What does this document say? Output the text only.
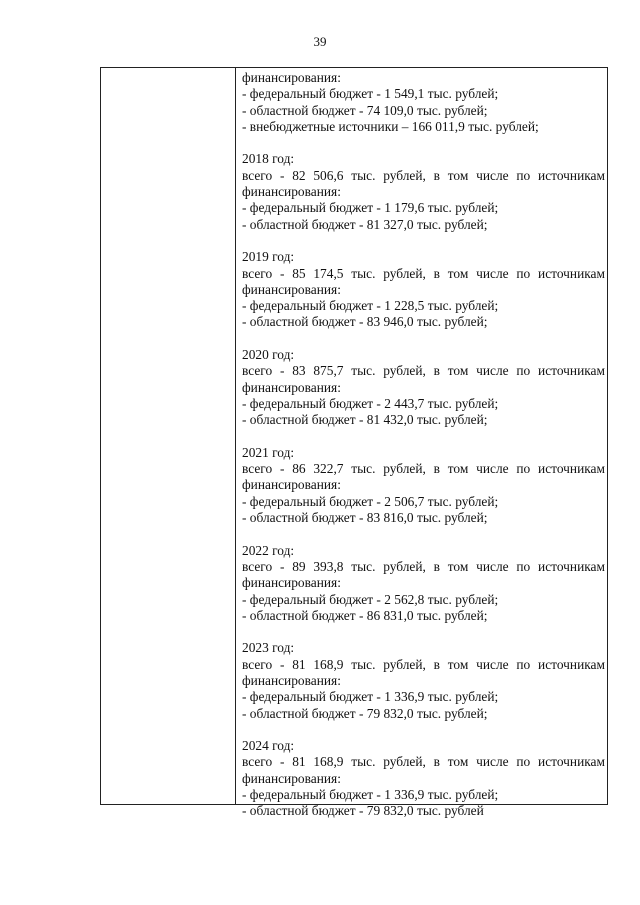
39
финансирования:
- федеральный бюджет - 1 549,1 тыс. рублей;
- областной бюджет - 74 109,0 тыс. рублей;
- внебюджетные источники – 166 011,9 тыс. рублей;
2018 год:
всего - 82 506,6 тыс. рублей, в том числе по источникам
финансирования:
- федеральный бюджет - 1 179,6 тыс. рублей;
- областной бюджет - 81 327,0 тыс. рублей;
2019 год:
всего - 85 174,5 тыс. рублей, в том числе по источникам
финансирования:
- федеральный бюджет - 1 228,5 тыс. рублей;
- областной бюджет - 83 946,0 тыс. рублей;
2020 год:
всего - 83 875,7 тыс. рублей, в том числе по источникам
финансирования:
- федеральный бюджет - 2 443,7 тыс. рублей;
- областной бюджет - 81 432,0 тыс. рублей;
2021 год:
всего - 86 322,7 тыс. рублей, в том числе по источникам
финансирования:
- федеральный бюджет - 2 506,7 тыс. рублей;
- областной бюджет - 83 816,0 тыс. рублей;
2022 год:
всего - 89 393,8 тыс. рублей, в том числе по источникам
финансирования:
- федеральный бюджет - 2 562,8 тыс. рублей;
- областной бюджет - 86 831,0 тыс. рублей;
2023 год:
всего - 81 168,9 тыс. рублей, в том числе по источникам
финансирования:
- федеральный бюджет - 1 336,9 тыс. рублей;
- областной бюджет - 79 832,0 тыс. рублей;
2024 год:
всего - 81 168,9 тыс. рублей, в том числе по источникам
финансирования:
- федеральный бюджет - 1 336,9 тыс. рублей;
- областной бюджет - 79 832,0 тыс. рублей
